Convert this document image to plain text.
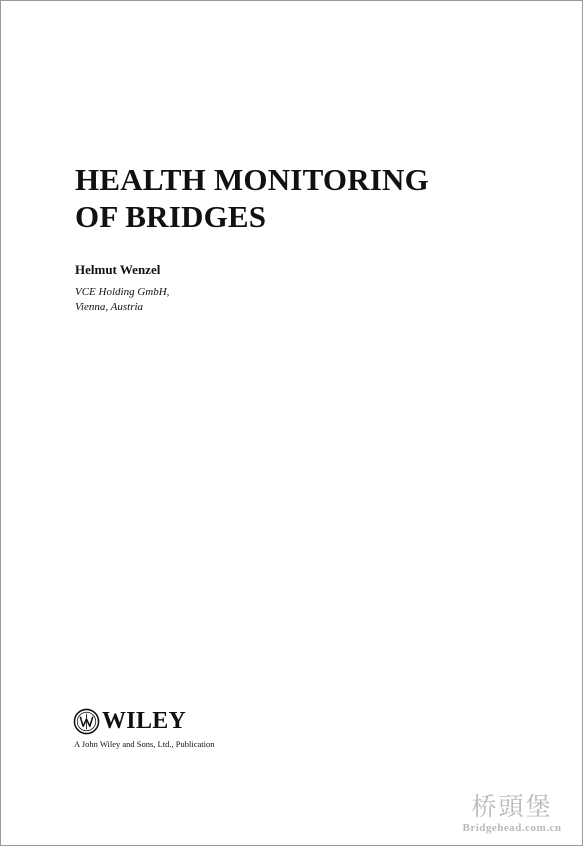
HEALTH MONITORING
OF BRIDGES
Helmut Wenzel
VCE Holding GmbH,
Vienna, Austria
WILEY
A John Wiley and Sons, Ltd., Publication
桥頭堡
Bridgehead.com.cn
